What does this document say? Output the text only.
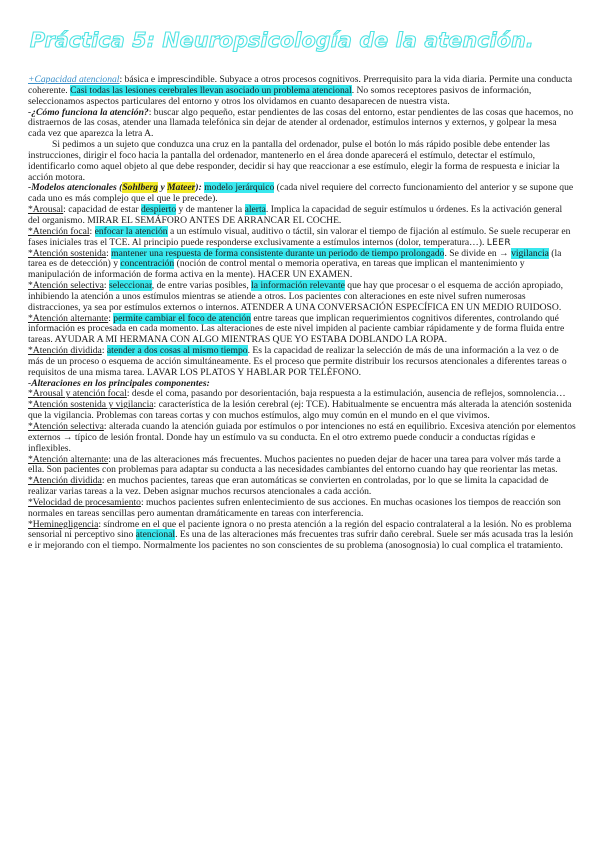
Práctica 5: Neuropsicología de la atención.

+Capacidad atencional: básica e imprescindible. Subyace a otros procesos cognitivos. Prerrequisito para la vida diaria. Permite una conducta coherente. Casi todas las lesiones cerebrales llevan asociado un problema atencional. No somos receptores pasivos de información, seleccionamos aspectos particulares del entorno y otros los olvidamos en cuanto desaparecen de nuestra vista.

-¿Cómo funciona la atención?: buscar algo pequeño, estar pendientes de las cosas del entorno, estar pendientes de las cosas que hacemos, no distraernos de las cosas, atender una llamada telefónica sin dejar de atender al ordenador, estímulos internos y externos, y golpear la mesa cada vez que aparezca la letra A.

Si pedimos a un sujeto que conduzca una cruz en la pantalla del ordenador, pulse el botón lo más rápido posible debe entender las instrucciones, dirigir el foco hacia la pantalla del ordenador, mantenerlo en el área donde aparecerá el estímulo, detectar el estímulo, identificarlo como aquel objeto al que debe responder, decidir si hay que reaccionar a ese estímulo, elegir la forma de respuesta e iniciar la acción motora.

-Modelos atencionales (Sohlberg y Mateer): modelo jerárquico (cada nivel requiere del correcto funcionamiento del anterior y se supone que cada uno es más complejo que el que le precede).

*Arousal: capacidad de estar despierto y de mantener la alerta. Implica la capacidad de seguir estímulos u órdenes. Es la activación general del organismo. MIRAR EL SEMÁFORO ANTES DE ARRANCAR EL COCHE.

*Atención focal: enfocar la atención a un estímulo visual, auditivo o táctil, sin valorar el tiempo de fijación al estímulo. Se suele recuperar en fases iniciales tras el TCE. Al principio puede responderse exclusivamente a estímulos internos (dolor, temperatura…). LEER

*Atención sostenida: mantener una respuesta de forma consistente durante un periodo de tiempo prolongado. Se divide en → vigilancia (la tarea es de detección) y concentración (noción de control mental o memoria operativa, en tareas que implican el mantenimiento y manipulación de información de forma activa en la mente). HACER UN EXAMEN.

*Atención selectiva: seleccionar, de entre varias posibles, la información relevante que hay que procesar o el esquema de acción apropiado, inhibiendo la atención a unos estímulos mientras se atiende a otros. Los pacientes con alteraciones en este nivel sufren numerosas distracciones, ya sea por estímulos externos o internos. ATENDER A UNA CONVERSACIÓN ESPECÍFICA EN UN MEDIO RUIDOSO.

*Atención alternante: permite cambiar el foco de atención entre tareas que implican requerimientos cognitivos diferentes, controlando qué información es procesada en cada momento. Las alteraciones de este nivel impiden al paciente cambiar rápidamente y de forma fluida entre tareas. AYUDAR A MI HERMANA CON ALGO MIENTRAS QUE YO ESTABA DOBLANDO LA ROPA.

*Atención dividida: atender a dos cosas al mismo tiempo. Es la capacidad de realizar la selección de más de una información a la vez o de más de un proceso o esquema de acción simultáneamente. Es el proceso que permite distribuir los recursos atencionales a diferentes tareas o requisitos de una misma tarea. LAVAR LOS PLATOS Y HABLAR POR TELÉFONO.

-Alteraciones en los principales componentes:

*Arousal y atención focal: desde el coma, pasando por desorientación, baja respuesta a la estimulación, ausencia de reflejos, somnolencia…

*Atención sostenida y vigilancia: característica de la lesión cerebral (ej: TCE). Habitualmente se encuentra más alterada la atención sostenida que la vigilancia. Problemas con tareas cortas y con muchos estímulos, algo muy común en el mundo en el que vivimos.

*Atención selectiva: alterada cuando la atención guiada por estímulos o por intenciones no está en equilibrio. Excesiva atención por elementos externos → típico de lesión frontal. Donde hay un estímulo va su conducta. En el otro extremo puede conducir a conductas rígidas e inflexibles.

*Atención alternante: una de las alteraciones más frecuentes. Muchos pacientes no pueden dejar de hacer una tarea para volver más tarde a ella. Son pacientes con problemas para adaptar su conducta a las necesidades cambiantes del entorno cuando hay que reorientar las metas.

*Atención dividida: en muchos pacientes, tareas que eran automáticas se convierten en controladas, por lo que se limita la capacidad de realizar varias tareas a la vez. Deben asignar muchos recursos atencionales a cada acción.

*Velocidad de procesamiento: muchos pacientes sufren enlentecimiento de sus acciones. En muchas ocasiones los tiempos de reacción son normales en tareas sencillas pero aumentan dramáticamente en tareas con interferencia.

*Heminegligencia: síndrome en el que el paciente ignora o no presta atención a la región del espacio contralateral a la lesión. No es problema sensorial ni perceptivo sino atencional. Es una de las alteraciones más frecuentes tras sufrir daño cerebral. Suele ser más acusada tras la lesión e ir mejorando con el tiempo. Normalmente los pacientes no son conscientes de su problema (anosognosia) lo cual complica el tratamiento.
